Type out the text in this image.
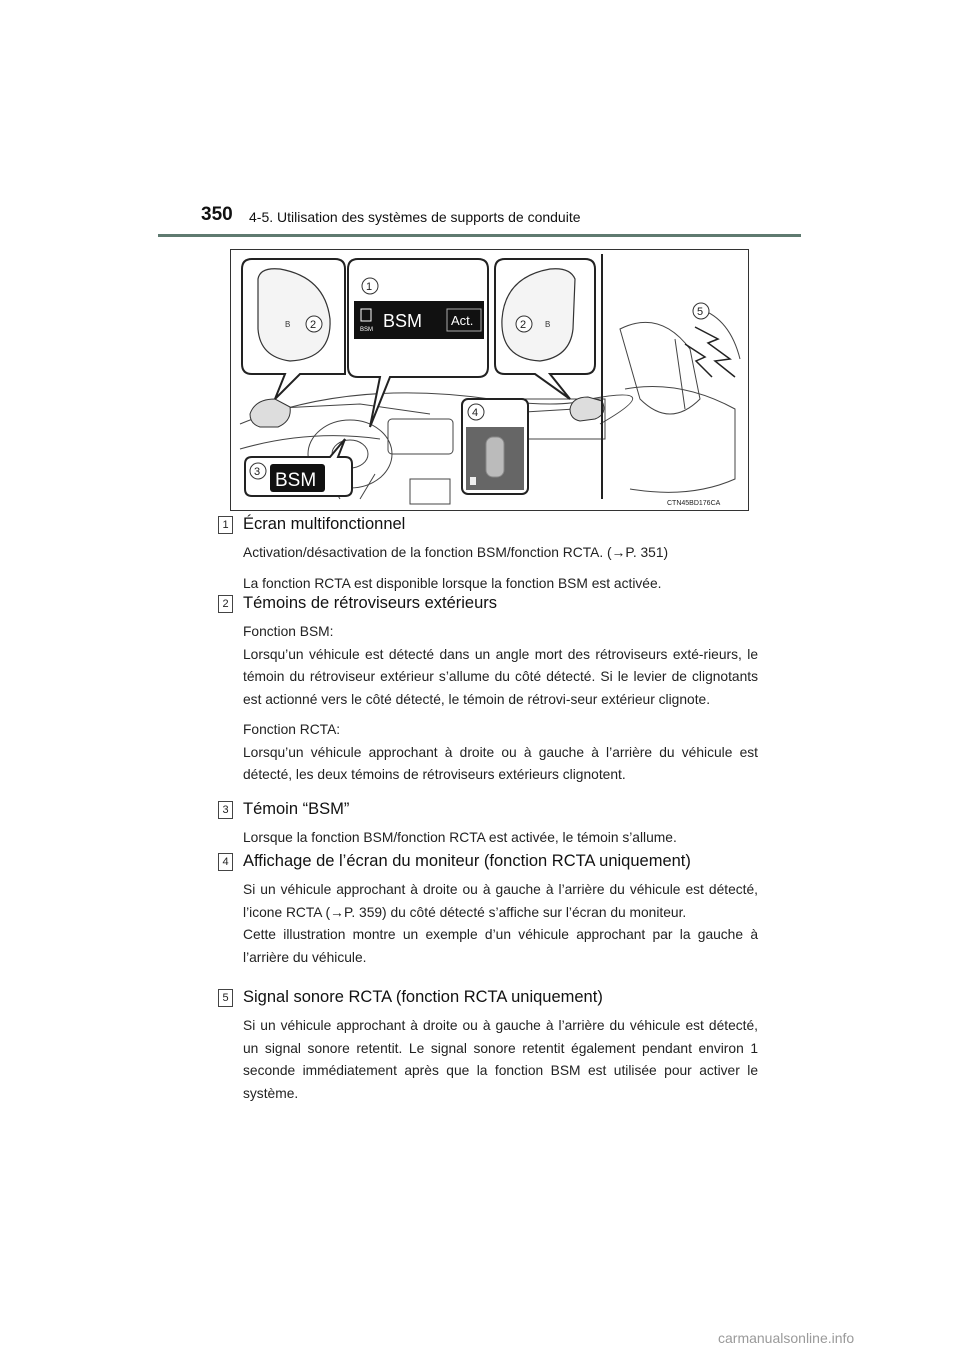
350 4-5. Utilisation des systèmes de supports de conduite
B 2
1
BSM BSM Act.	2 B
3 BSM
4
5
CTN45BD176CA
1 Écran multifonctionnel
Activation/désactivation de la fonction BSM/fonction RCTA. (→P. 351)
La fonction RCTA est disponible lorsque la fonction BSM est activée.
2 Témoins de rétroviseurs extérieurs
Fonction BSM:
Lorsqu’un véhicule est détecté dans un angle mort des rétroviseurs exté-rieurs, le témoin du rétroviseur extérieur s’allume du côté détecté. Si le levier de clignotants est actionné vers le côté détecté, le témoin de rétrovi-seur extérieur clignote.
Fonction RCTA:
Lorsqu’un véhicule approchant à droite ou à gauche à l’arrière du véhicule est détecté, les deux témoins de rétroviseurs extérieurs clignotent.
3 Témoin “BSM”
Lorsque la fonction BSM/fonction RCTA est activée, le témoin s’allume.
4 Affichage de l’écran du moniteur (fonction RCTA uniquement)
Si un véhicule approchant à droite ou à gauche à l’arrière du véhicule est détecté, l’icone RCTA (→P. 359) du côté détecté s’affiche sur l’écran du moniteur.
Cette illustration montre un exemple d’un véhicule approchant par la gauche à l’arrière du véhicule.
5 Signal sonore RCTA (fonction RCTA uniquement)
Si un véhicule approchant à droite ou à gauche à l’arrière du véhicule est détecté, un signal sonore retentit. Le signal sonore retentit également pendant environ 1 seconde immédiatement après que la fonction BSM est utilisée pour activer le système.
carmanualsonline.info
